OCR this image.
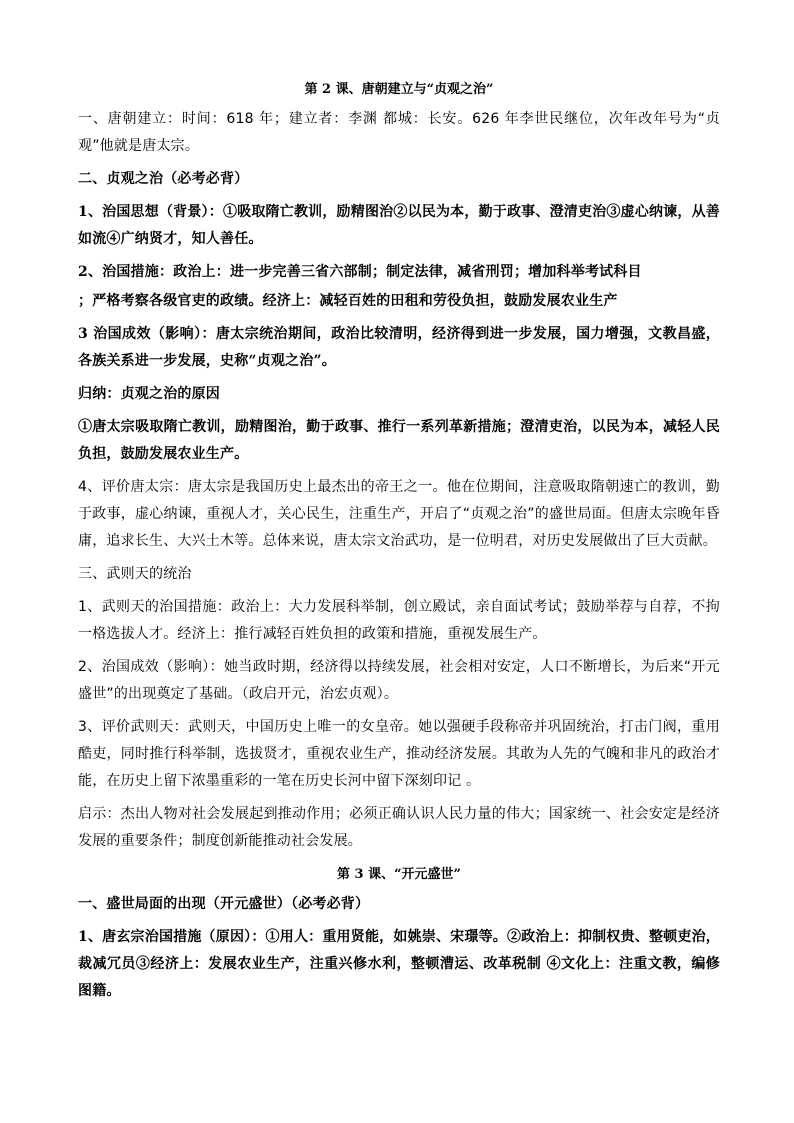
第 2 课、唐朝建立与“贞观之治”

一、唐朝建立：时间：618 年；建立者：李渊 都城：长安。626 年李世民继位，次年改年号为“贞观”他就是唐太宗。

二、贞观之治（必考必背）

1、治国思想（背景）：①吸取隋亡教训，励精图治②以民为本，勤于政事、澄清吏治③虚心纳谏，从善如流④广纳贤才，知人善任。

2、治国措施：政治上：进一步完善三省六部制；制定法律，减省刑罚；增加科举考试科目

；严格考察各级官吏的政绩。经济上：减轻百姓的田租和劳役负担，鼓励发展农业生产

3 治国成效（影响）：唐太宗统治期间，政治比较清明，经济得到进一步发展，国力增强，文教昌盛，各族关系进一步发展，史称“贞观之治”。

归纳：贞观之治的原因

①唐太宗吸取隋亡教训，励精图治，勤于政事、推行一系列革新措施；澄清吏治，以民为本，减轻人民负担，鼓励发展农业生产。

4、评价唐太宗：唐太宗是我国历史上最杰出的帝王之一。他在位期间，注意吸取隋朝速亡的教训，勤于政事，虚心纳谏，重视人才，关心民生，注重生产，开启了“贞观之治”的盛世局面。但唐太宗晚年昏庸，追求长生、大兴土木等。总体来说，唐太宗文治武功，是一位明君，对历史发展做出了巨大贡献。

三、武则天的统治

1、武则天的治国措施：政治上：大力发展科举制，创立殿试，亲自面试考试；鼓励举荐与自荐，不拘一格选拔人才。经济上：推行减轻百姓负担的政策和措施，重视发展生产。

2、治国成效（影响）：她当政时期，经济得以持续发展，社会相对安定，人口不断增长，为后来“开元盛世”的出现奠定了基础。（政启开元，治宏贞观）。

3、评价武则天：武则天，中国历史上唯一的女皇帝。她以强硬手段称帝并巩固统治，打击门阀，重用酷吏，同时推行科举制，选拔贤才，重视农业生产，推动经济发展。其敢为人先的气魄和非凡的政治才能，在历史上留下浓墨重彩的一笔在历史长河中留下深刻印记 。

启示：杰出人物对社会发展起到推动作用；必须正确认识人民力量的伟大；国家统一、社会安定是经济发展的重要条件；制度创新能推动社会发展。

第 3 课、“开元盛世”

一、盛世局面的出现（开元盛世）（必考必背）

1、唐玄宗治国措施（原因）：①用人：重用贤能，如姚崇、宋璟等。②政治上：抑制权贵、整顿吏治，裁减冗员③经济上：发展农业生产，注重兴修水利，整顿漕运、改革税制 ④文化上：注重文教，编修图籍。
